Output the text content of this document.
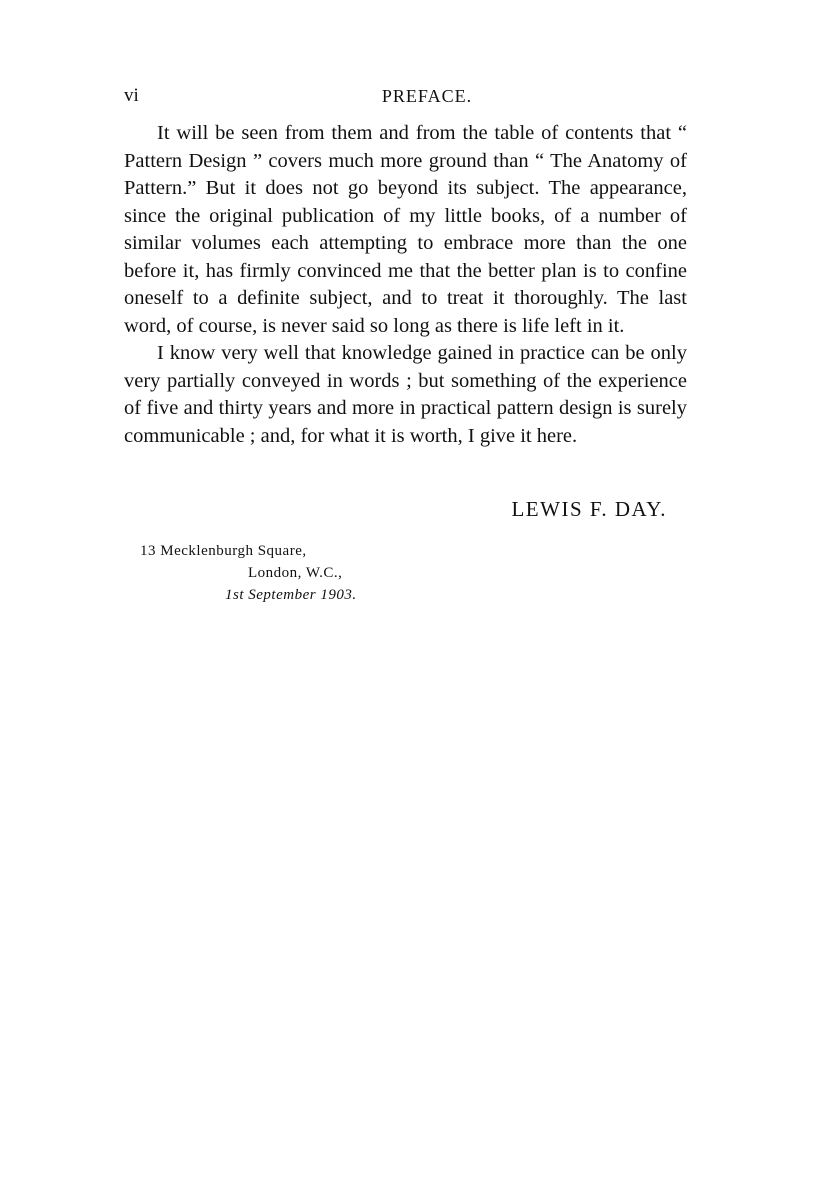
vi	PREFACE.

It will be seen from them and from the table of contents that “ Pattern Design ” covers much more ground than “ The Anatomy of Pattern.” But it does not go beyond its subject. The appearance, since the original publication of my little books, of a number of similar volumes each attempting to embrace more than the one before it, has firmly convinced me that the better plan is to confine oneself to a definite subject, and to treat it thoroughly. The last word, of course, is never said so long as there is life left in it.

I know very well that knowledge gained in practice can be only very partially conveyed in words ; but something of the experience of five and thirty years and more in practical pattern design is surely communicable ; and, for what it is worth, I give it here.

LEWIS F. DAY.
13 Mecklenburgh Square,
London, W.C.,
1st September 1903.
